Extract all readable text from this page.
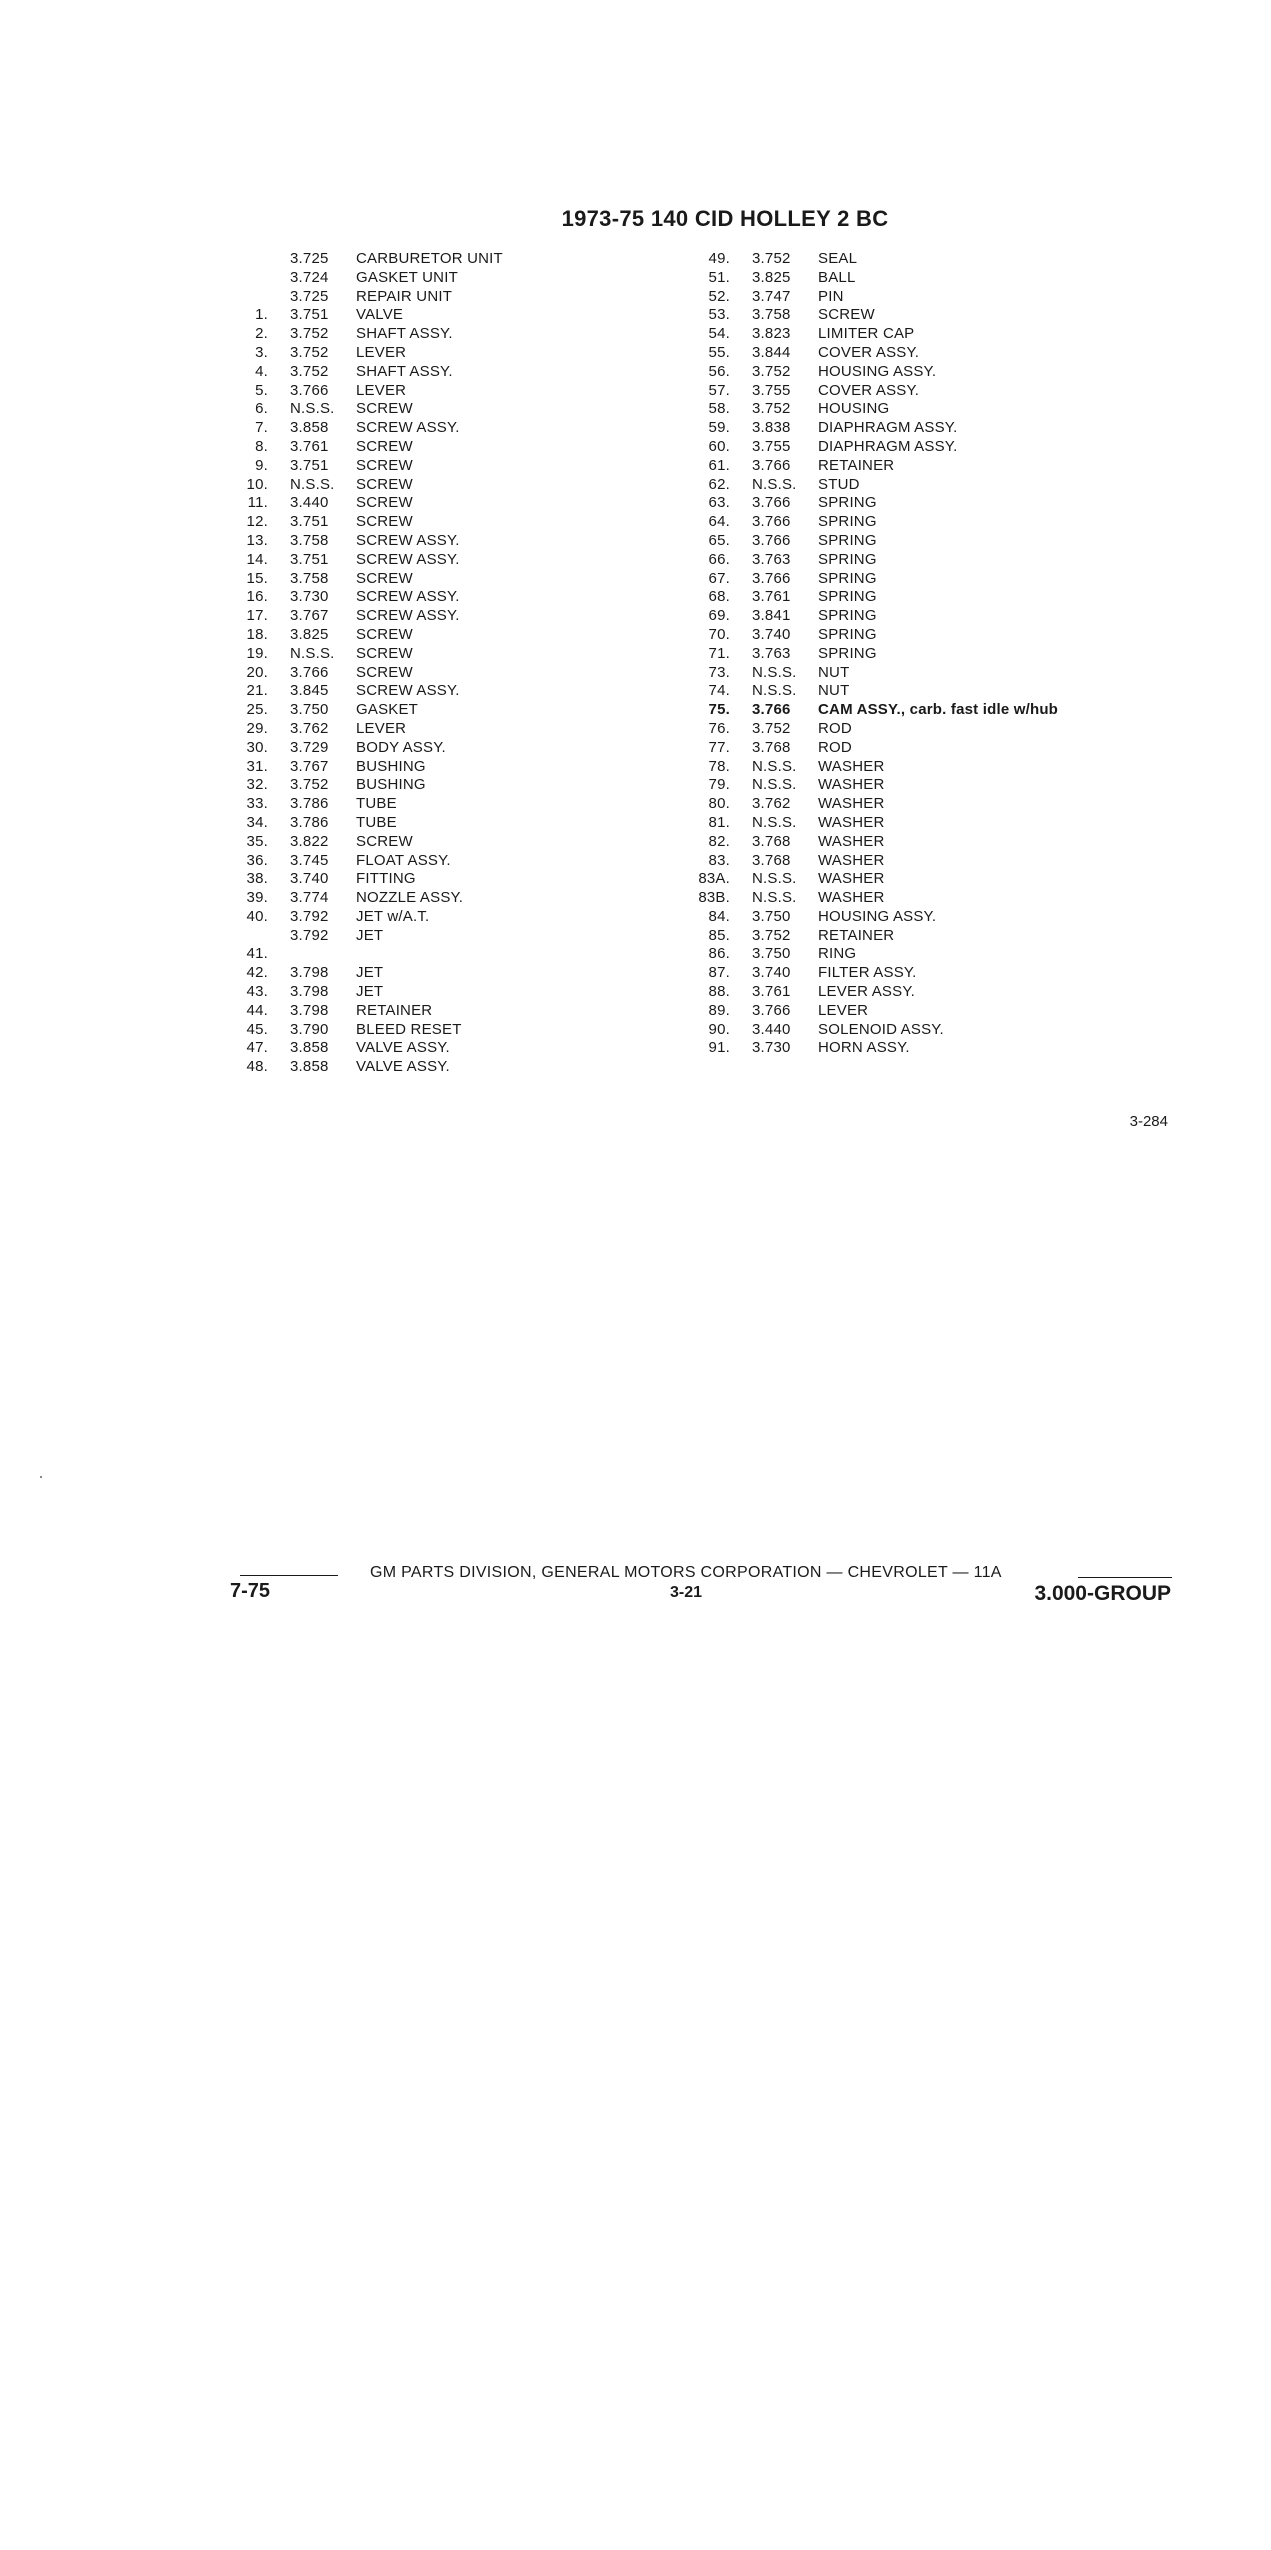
1973-75 140 CID HOLLEY 2 BC
3.725	CARBURETOR UNIT
3.724	GASKET UNIT
3.725	REPAIR UNIT
1.	3.751	VALVE
2.	3.752	SHAFT ASSY.
3.	3.752	LEVER
4.	3.752	SHAFT ASSY.
5.	3.766	LEVER
6.	N.S.S.	SCREW
7.	3.858	SCREW ASSY.
8.	3.761	SCREW
9.	3.751	SCREW
10.	N.S.S.	SCREW
11.	3.440	SCREW
12.	3.751	SCREW
13.	3.758	SCREW ASSY.
14.	3.751	SCREW ASSY.
15.	3.758	SCREW
16.	3.730	SCREW ASSY.
17.	3.767	SCREW ASSY.
18.	3.825	SCREW
19.	N.S.S.	SCREW
20.	3.766	SCREW
21.	3.845	SCREW ASSY.
25.	3.750	GASKET
29.	3.762	LEVER
30.	3.729	BODY ASSY.
31.	3.767	BUSHING
32.	3.752	BUSHING
33.	3.786	TUBE
34.	3.786	TUBE
35.	3.822	SCREW
36.	3.745	FLOAT ASSY.
38.	3.740	FITTING
39.	3.774	NOZZLE ASSY.
40.	3.792	JET w/A.T.
3.792	JET
41.
42.	3.798	JET
43.	3.798	JET
44.	3.798	RETAINER
45.	3.790	BLEED RESET
47.	3.858	VALVE ASSY.
48.	3.858	VALVE ASSY.
49.	3.752	SEAL
51.	3.825	BALL
52.	3.747	PIN
53.	3.758	SCREW
54.	3.823	LIMITER CAP
55.	3.844	COVER ASSY.
56.	3.752	HOUSING ASSY.
57.	3.755	COVER ASSY.
58.	3.752	HOUSING
59.	3.838	DIAPHRAGM ASSY.
60.	3.755	DIAPHRAGM ASSY.
61.	3.766	RETAINER
62.	N.S.S.	STUD
63.	3.766	SPRING
64.	3.766	SPRING
65.	3.766	SPRING
66.	3.763	SPRING
67.	3.766	SPRING
68.	3.761	SPRING
69.	3.841	SPRING
70.	3.740	SPRING
71.	3.763	SPRING
73.	N.S.S.	NUT
74.	N.S.S.	NUT
75.	3.766	CAM ASSY., carb. fast idle w/hub
76.	3.752	ROD
77.	3.768	ROD
78.	N.S.S.	WASHER
79.	N.S.S.	WASHER
80.	3.762	WASHER
81.	N.S.S.	WASHER
82.	3.768	WASHER
83.	3.768	WASHER
83A.	N.S.S.	WASHER
83B.	N.S.S.	WASHER
84.	3.750	HOUSING ASSY.
85.	3.752	RETAINER
86.	3.750	RING
87.	3.740	FILTER ASSY.
88.	3.761	LEVER ASSY.
89.	3.766	LEVER
90.	3.440	SOLENOID ASSY.
91.	3.730	HORN ASSY.
3-284
7-75
GM PARTS DIVISION, GENERAL MOTORS CORPORATION — CHEVROLET — 11A
3-21	3.000-GROUP
